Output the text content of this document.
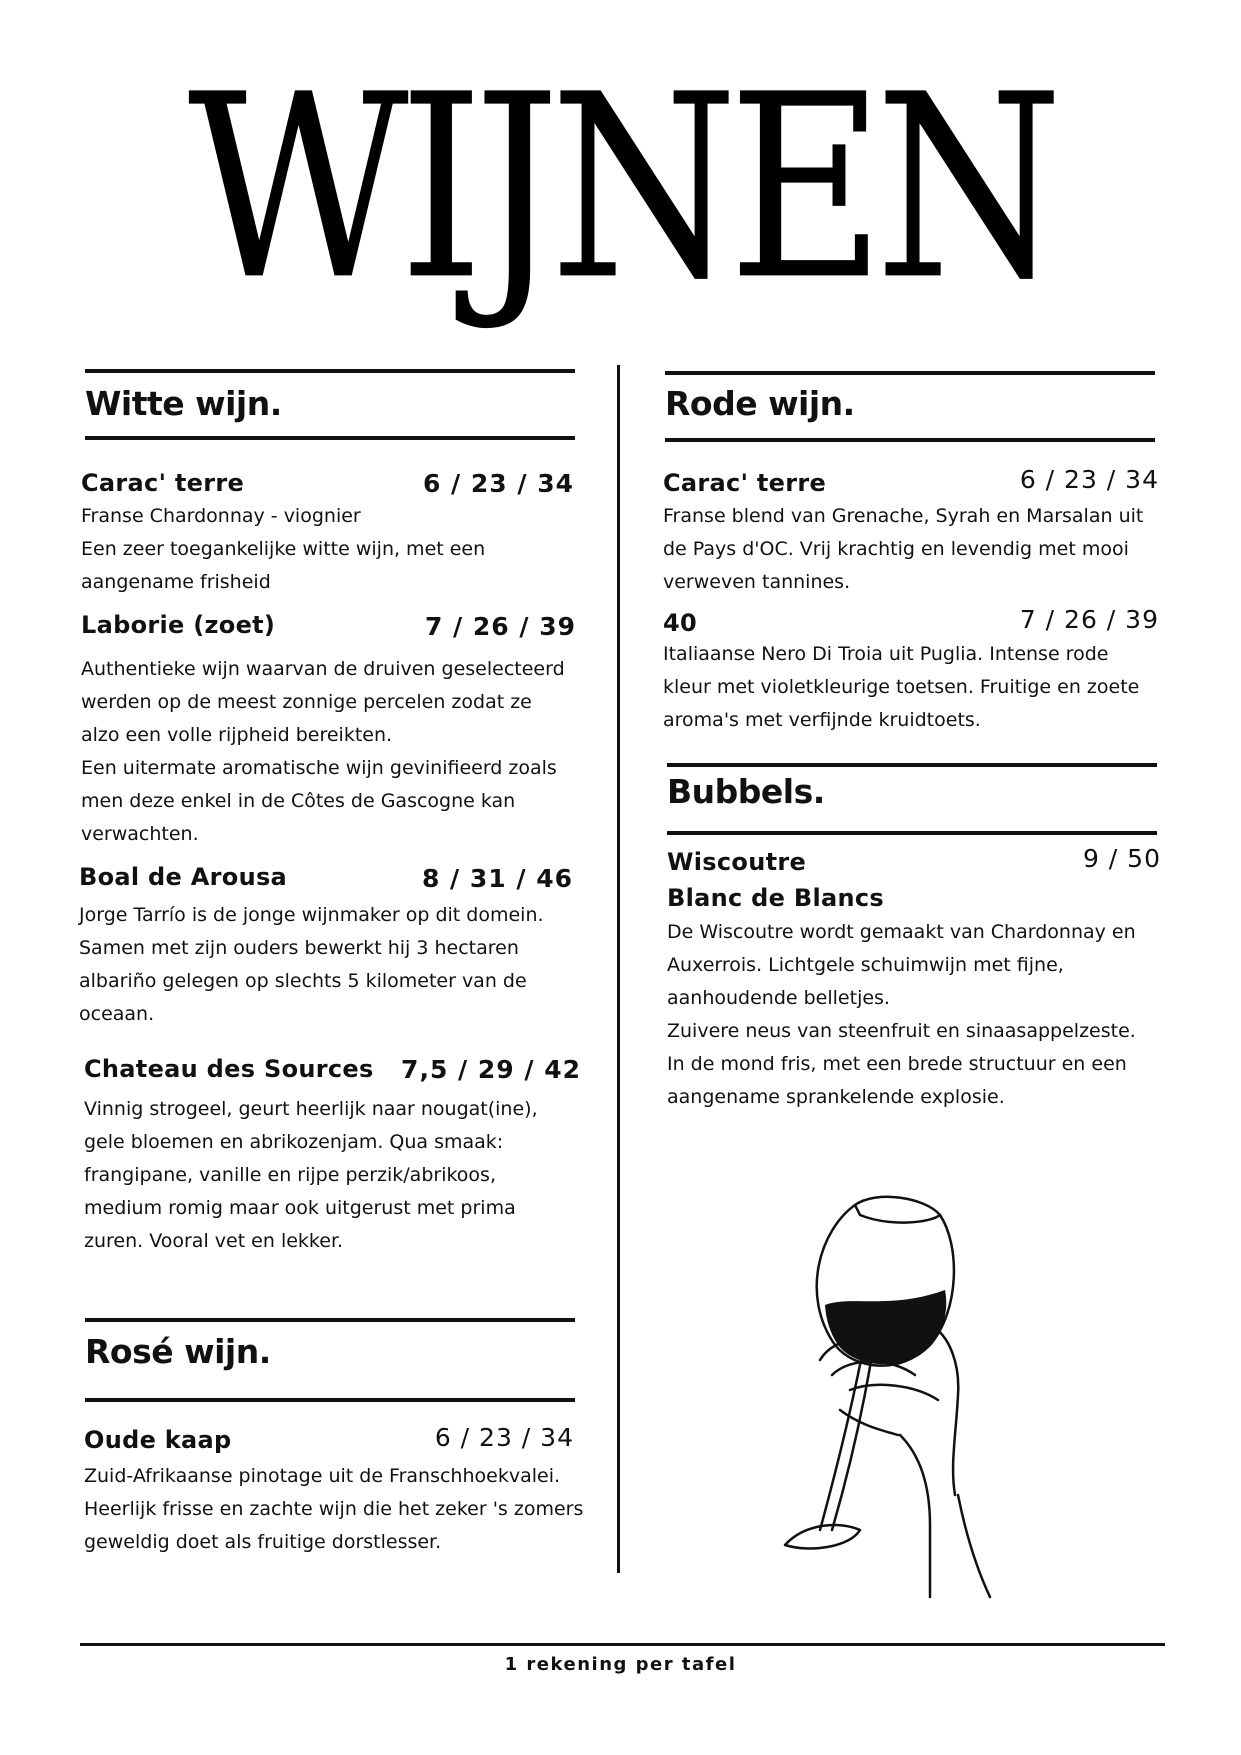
WIJNEN
Witte wijn.
Carac' terre	6 / 23 / 34
Franse Chardonnay - viognier
Een zeer toegankelijke witte wijn, met een
aangename frisheid
Laborie (zoet)	7 / 26 / 39
Authentieke wijn waarvan de druiven geselecteerd
werden op de meest zonnige percelen zodat ze
alzo een volle rijpheid bereikten.
Een uitermate aromatische wijn gevinifieerd zoals
men deze enkel in de Côtes de Gascogne kan
verwachten.
Boal de Arousa	8 / 31 / 46
Jorge Tarrío is de jonge wijnmaker op dit domein.
Samen met zijn ouders bewerkt hij 3 hectaren
albariño gelegen op slechts 5 kilometer van de
oceaan.
Chateau des Sources 7,5 / 29 / 42
Vinnig strogeel, geurt heerlijk naar nougat(ine),
gele bloemen en abrikozenjam. Qua smaak:
frangipane, vanille en rijpe perzik/abrikoos,
medium romig maar ook uitgerust met prima
zuren. Vooral vet en lekker.
Rosé wijn.
Oude kaap	6 / 23 / 34
Zuid-Afrikaanse pinotage uit de Franschhoekvalei.
Heerlijk frisse en zachte wijn die het zeker 's zomers
geweldig doet als fruitige dorstlesser.
Rode wijn.
Carac' terre	6 / 23 / 34
Franse blend van Grenache, Syrah en Marsalan uit
de Pays d'OC. Vrij krachtig en levendig met mooi
verweven tannines.
40	7 / 26 / 39
Italiaanse Nero Di Troia uit Puglia. Intense rode
kleur met violetkleurige toetsen. Fruitige en zoete
aroma's met verfijnde kruidtoets.
Bubbels.
Wiscoutre
Blanc de Blancs
9 / 50
De Wiscoutre wordt gemaakt van Chardonnay en
Auxerrois. Lichtgele schuimwijn met fijne,
aanhoudende belletjes.
Zuivere neus van steenfruit en sinaasappelzeste.
In de mond fris, met een brede structuur en een
aangename sprankelende explosie.
1 rekening per tafel
